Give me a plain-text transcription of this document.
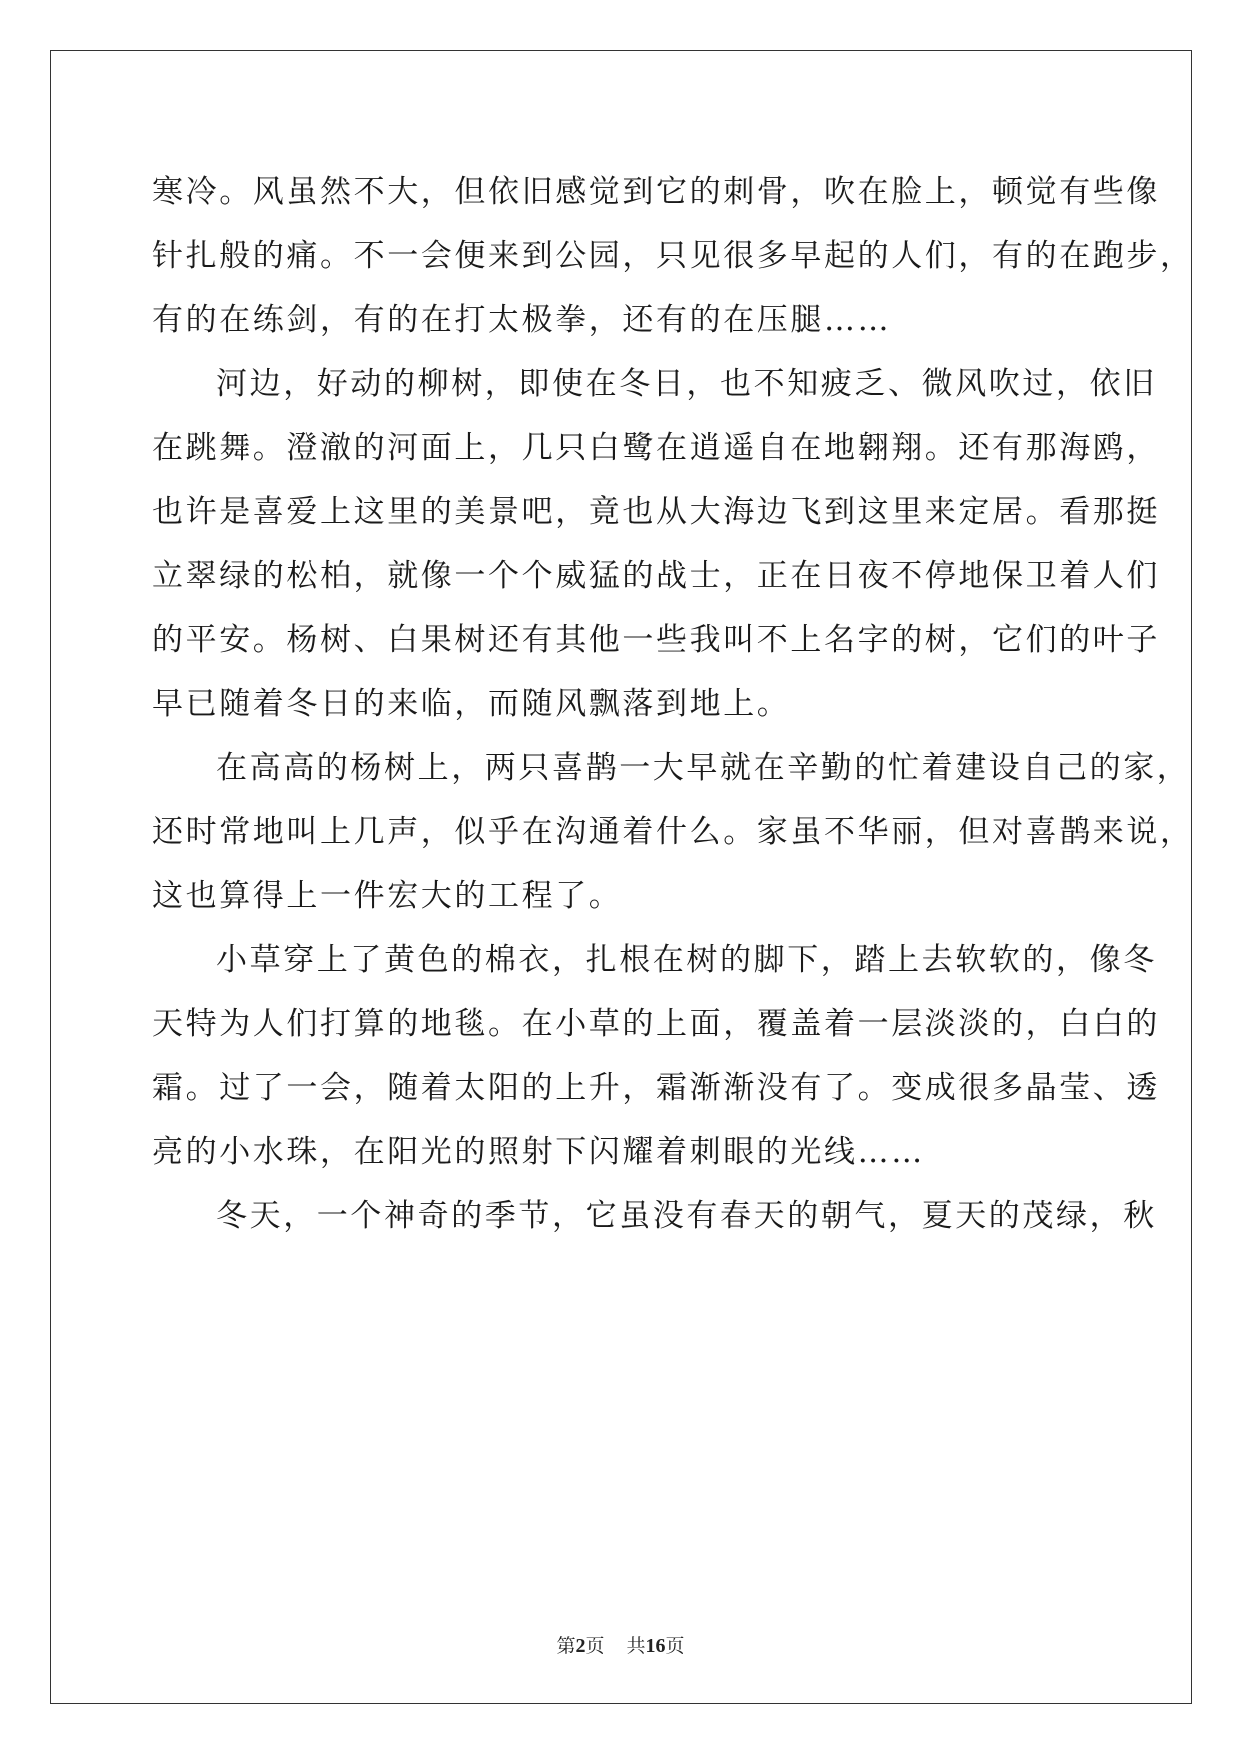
寒冷。风虽然不大，但依旧感觉到它的刺骨，吹在脸上，顿觉有些像
针扎般的痛。不一会便来到公园，只见很多早起的人们，有的在跑步，
有的在练剑，有的在打太极拳，还有的在压腿……
河边，好动的柳树，即使在冬日，也不知疲乏、微风吹过，依旧
在跳舞。澄澈的河面上，几只白鹭在逍遥自在地翱翔。还有那海鸥，
也许是喜爱上这里的美景吧，竟也从大海边飞到这里来定居。看那挺
立翠绿的松柏，就像一个个威猛的战士，正在日夜不停地保卫着人们
的平安。杨树、白果树还有其他一些我叫不上名字的树，它们的叶子
早已随着冬日的来临，而随风飘落到地上。
在高高的杨树上，两只喜鹊一大早就在辛勤的忙着建设自己的家，
还时常地叫上几声，似乎在沟通着什么。家虽不华丽，但对喜鹊来说，
这也算得上一件宏大的工程了。
小草穿上了黄色的棉衣，扎根在树的脚下，踏上去软软的，像冬
天特为人们打算的地毯。在小草的上面，覆盖着一层淡淡的，白白的
霜。过了一会，随着太阳的上升，霜渐渐没有了。变成很多晶莹、透
亮的小水珠，在阳光的照射下闪耀着刺眼的光线……
冬天，一个神奇的季节，它虽没有春天的朝气，夏天的茂绿，秋
第2页 共16页
